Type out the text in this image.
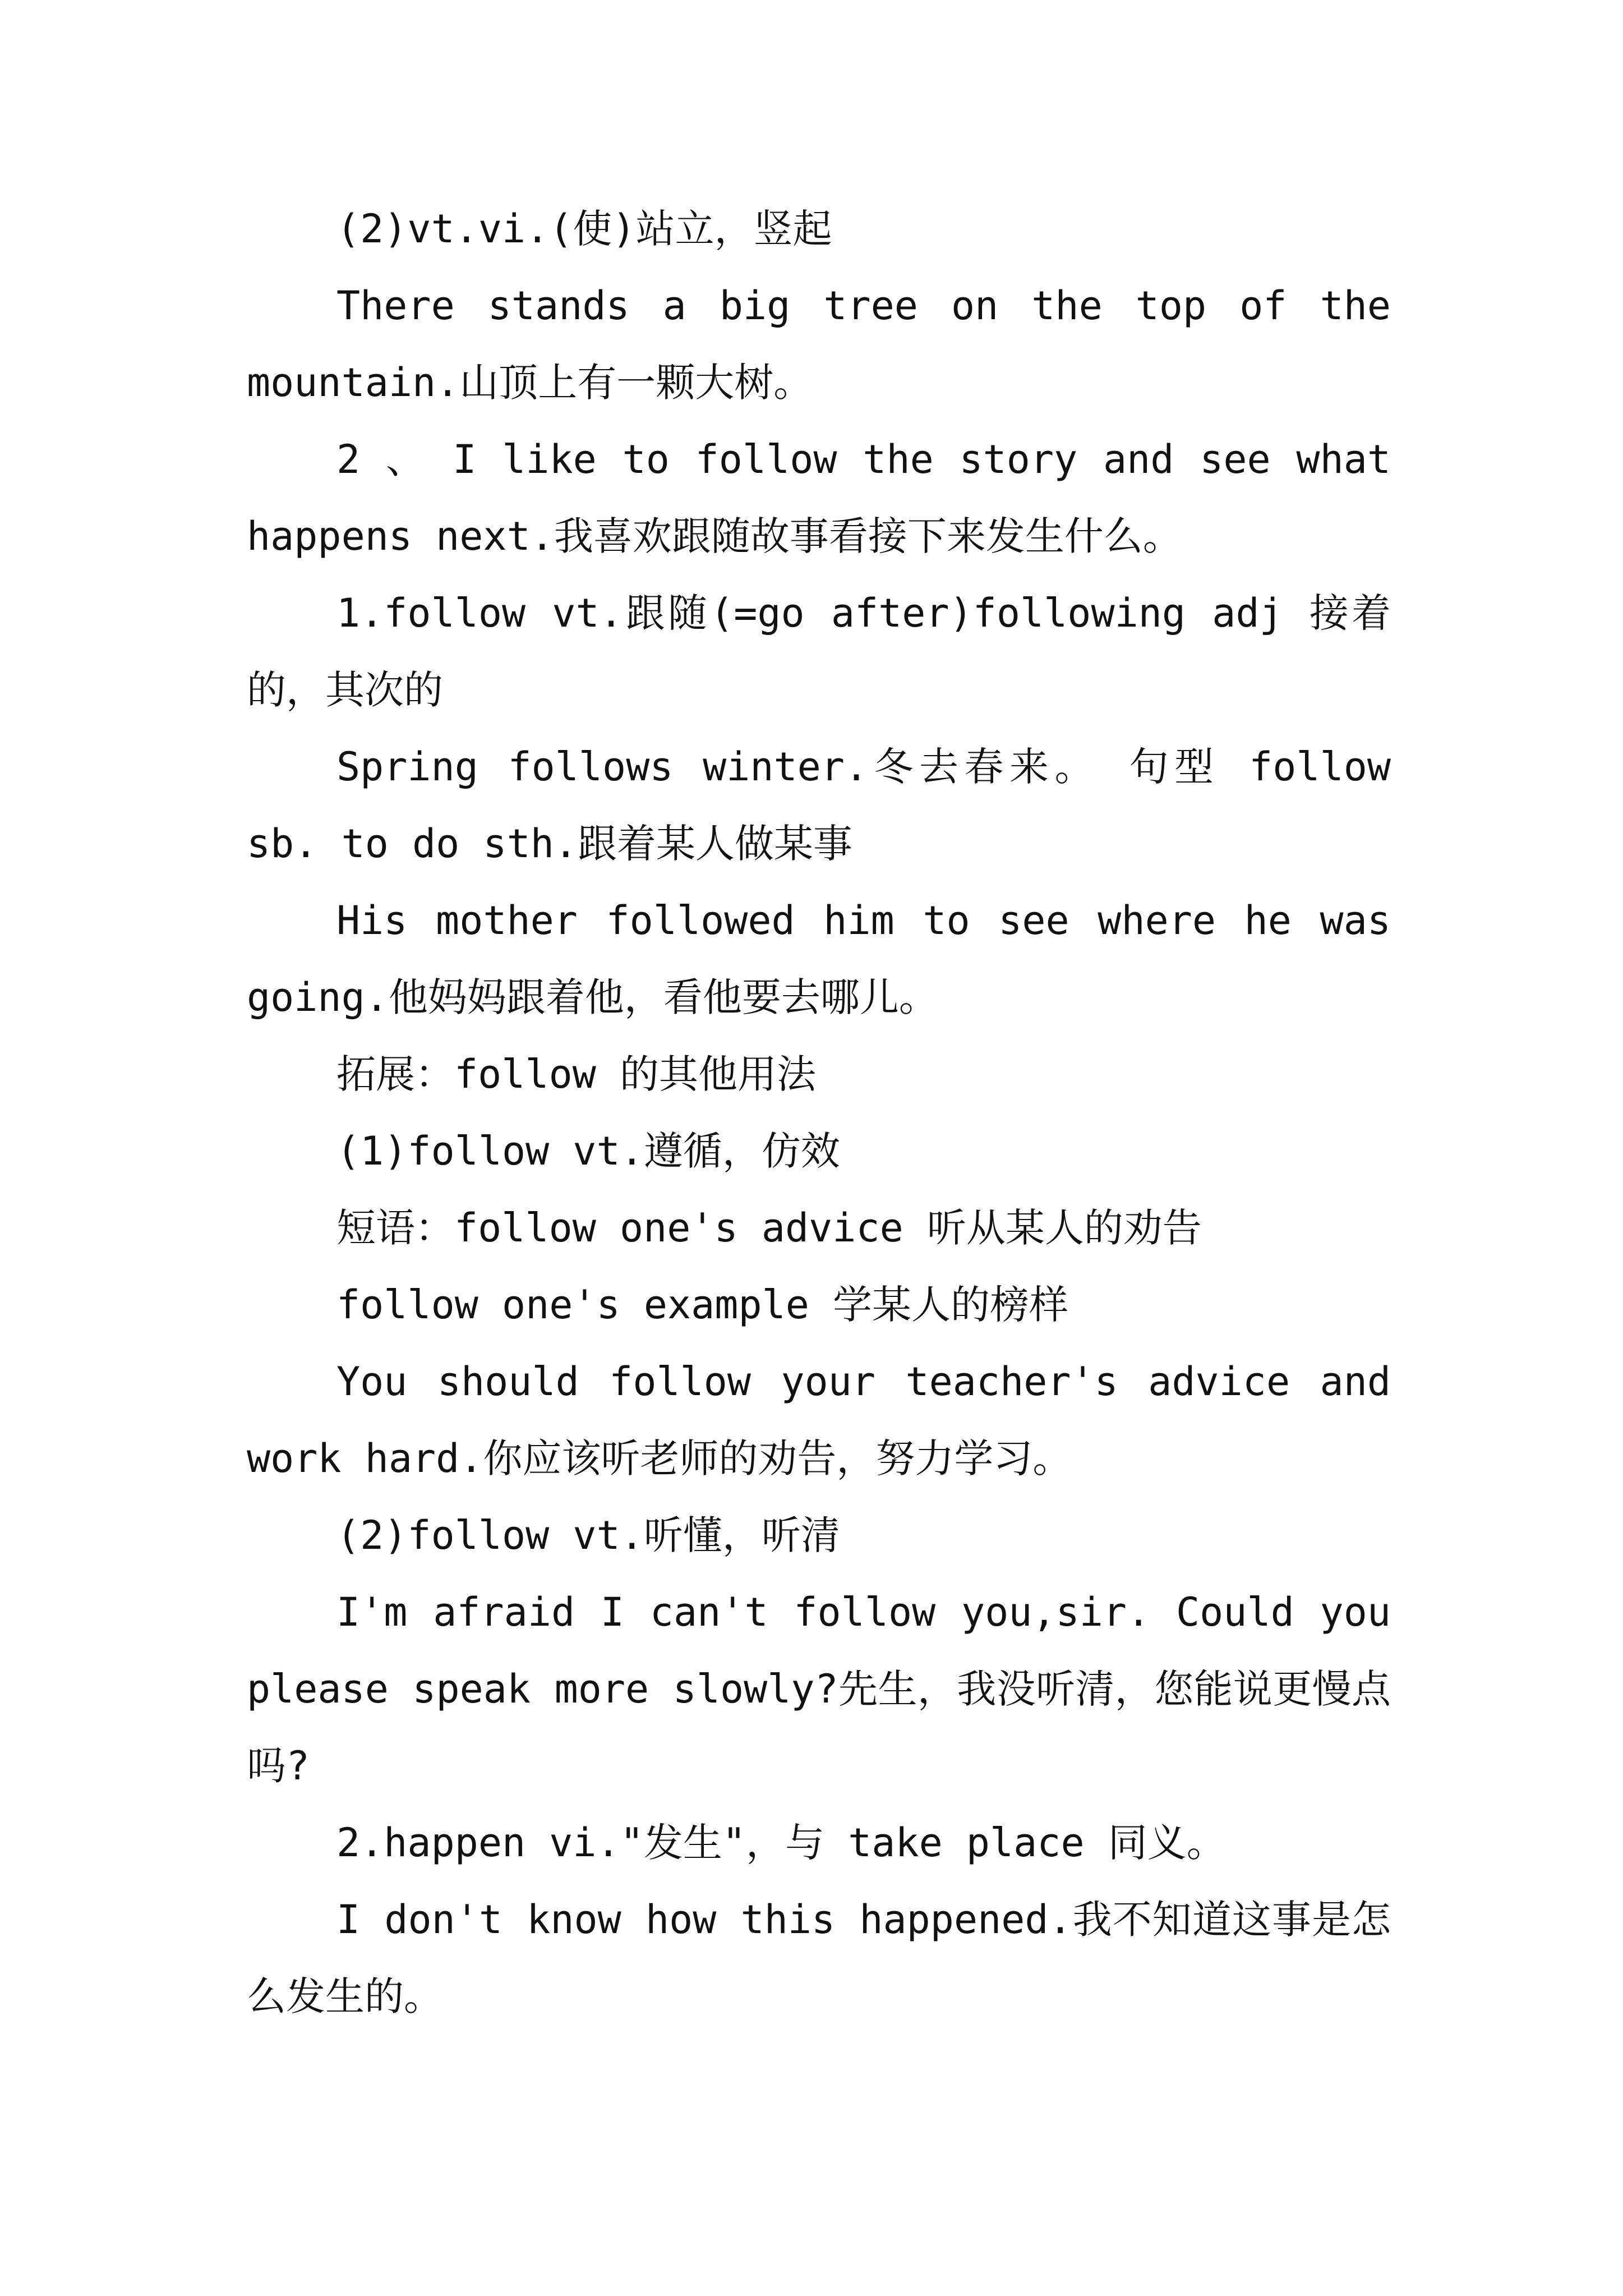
(2)vt.vi.(使)站立，竖起

There stands a big tree on the top of the mountain.山顶上有一颗大树。

2 、 I like to follow the story and see what happens next.我喜欢跟随故事看接下来发生什么。

1.follow vt.跟随(=go after)following adj 接着的，其次的

Spring follows winter.冬去春来。 句型 follow sb. to do sth.跟着某人做某事

His mother followed him to see where he was going.他妈妈跟着他，看他要去哪儿。

拓展：follow 的其他用法

(1)follow vt.遵循，仿效

短语：follow one's advice 听从某人的劝告

follow one's example 学某人的榜样

You should follow your teacher's advice and work hard.你应该听老师的劝告，努力学习。

(2)follow vt.听懂，听清

I'm afraid I can't follow you,sir. Could you please speak more slowly?先生，我没听清，您能说更慢点吗?

2.happen vi."发生"，与 take place 同义。

I don't know how this happened.我不知道这事是怎么发生的。
